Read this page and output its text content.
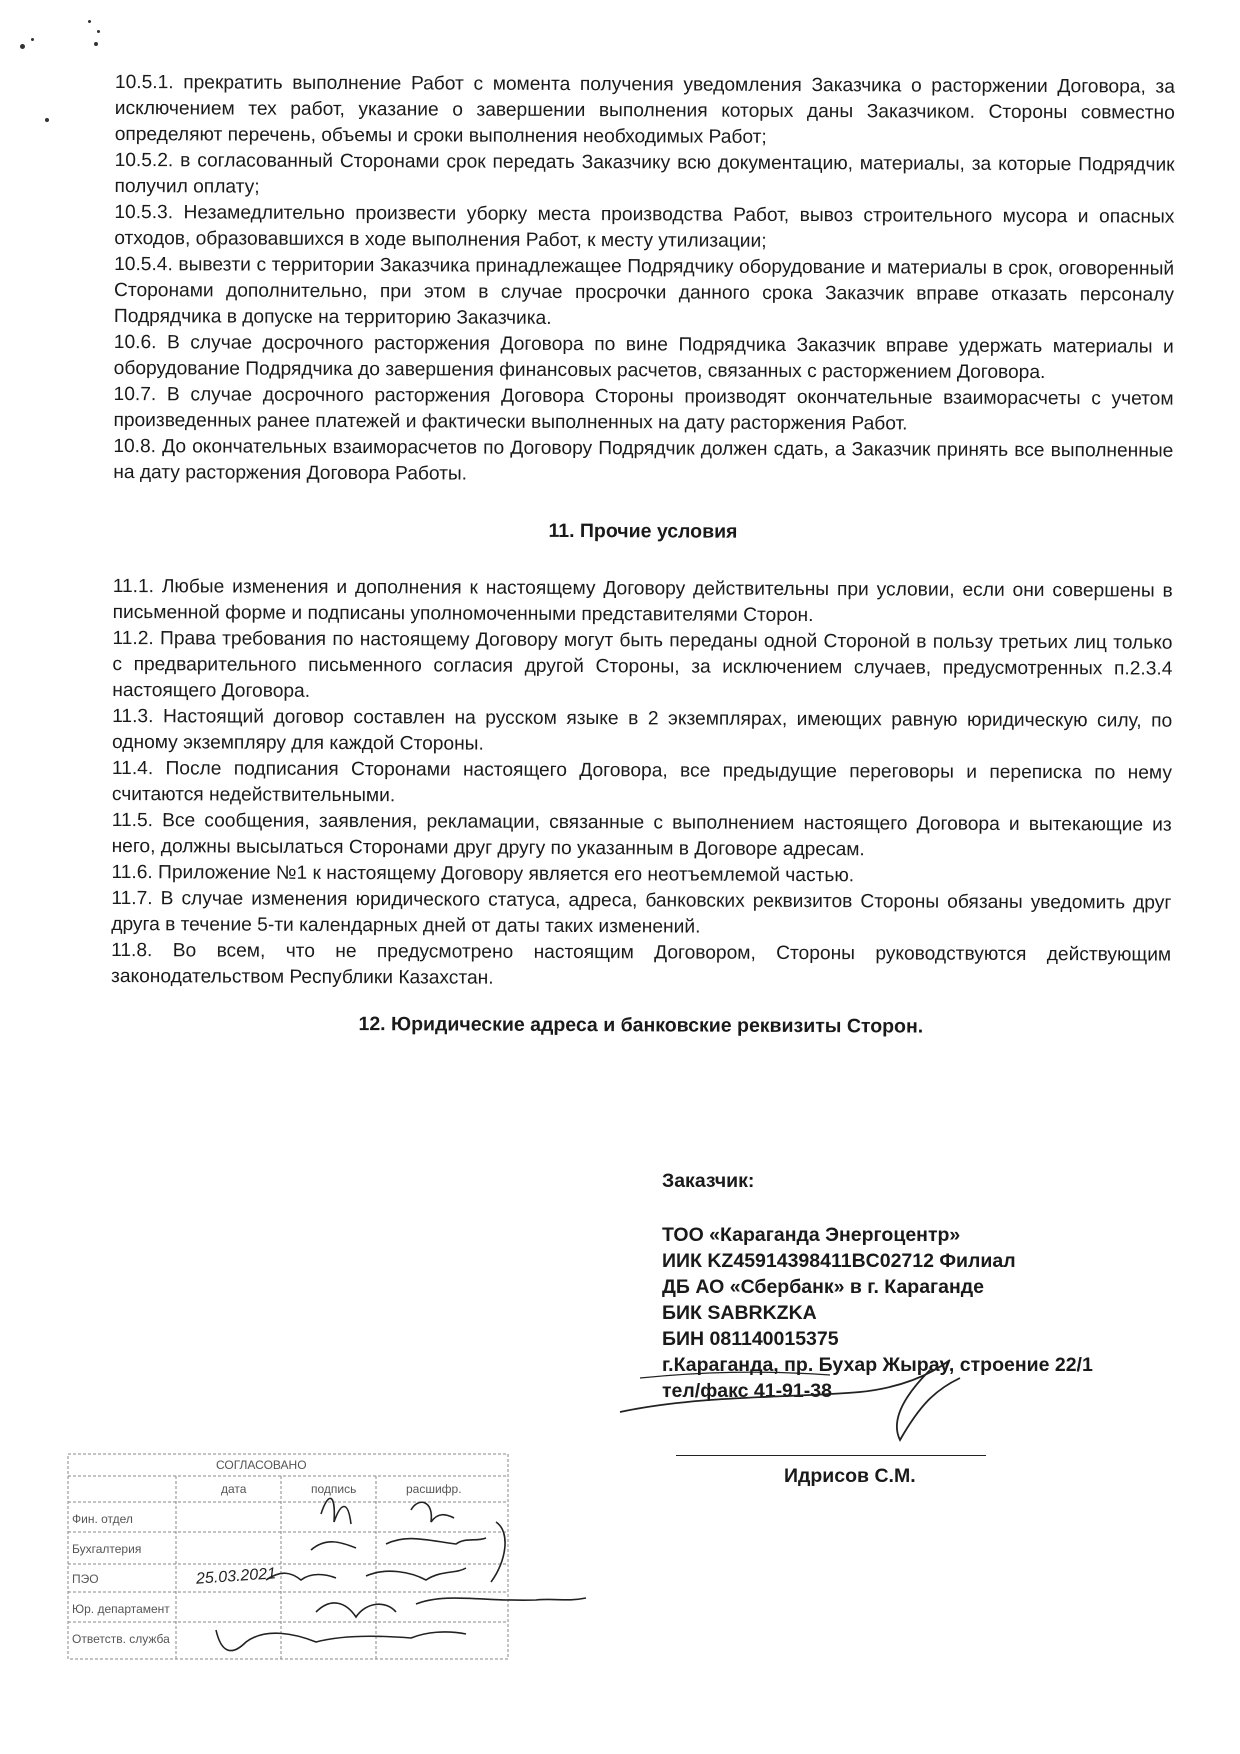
10.5.1. прекратить выполнение Работ с момента получения уведомления Заказчика о расторжении Договора, за исключением тех работ, указание о завершении выполнения которых даны Заказчиком. Стороны совместно определяют перечень, объемы и сроки выполнения необходимых Работ;

10.5.2. в согласованный Сторонами срок передать Заказчику всю документацию, материалы, за которые Подрядчик получил оплату;

10.5.3. Незамедлительно произвести уборку места производства Работ, вывоз строительного мусора и опасных отходов, образовавшихся в ходе выполнения Работ, к месту утилизации;

10.5.4. вывезти с территории Заказчика принадлежащее Подрядчику оборудование и материалы в срок, оговоренный Сторонами дополнительно, при этом в случае просрочки данного срока Заказчик вправе отказать персоналу Подрядчика в допуске на территорию Заказчика.

10.6. В случае досрочного расторжения Договора по вине Подрядчика Заказчик вправе удержать материалы и оборудование Подрядчика до завершения финансовых расчетов, связанных с расторжением Договора.

10.7. В случае досрочного расторжения Договора Стороны производят окончательные взаиморасчеты с учетом произведенных ранее платежей и фактически выполненных на дату расторжения Работ.

10.8. До окончательных взаиморасчетов по Договору Подрядчик должен сдать, а Заказчик принять все выполненные на дату расторжения Договора Работы.

11. Прочие условия

11.1. Любые изменения и дополнения к настоящему Договору действительны при условии, если они совершены в письменной форме и подписаны уполномоченными представителями Сторон.

11.2. Права требования по настоящему Договору могут быть переданы одной Стороной в пользу третьих лиц только с предварительного письменного согласия другой Стороны, за исключением случаев, предусмотренных п.2.3.4 настоящего Договора.

11.3. Настоящий договор составлен на русском языке в 2 экземплярах, имеющих равную юридическую силу, по одному экземпляру для каждой Стороны.

11.4. После подписания Сторонами настоящего Договора, все предыдущие переговоры и переписка по нему считаются недействительными.

11.5. Все сообщения, заявления, рекламации, связанные с выполнением настоящего Договора и вытекающие из него, должны высылаться Сторонами друг другу по указанным в Договоре адресам.

11.6. Приложение №1 к настоящему Договору является его неотъемлемой частью.

11.7. В случае изменения юридического статуса, адреса, банковских реквизитов Стороны обязаны уведомить друг друга в течение 5-ти календарных дней от даты таких изменений.

11.8. Во всем, что не предусмотрено настоящим Договором, Стороны руководствуются действующим законодательством Республики Казахстан.

12. Юридические адреса и банковские реквизиты Сторон.

Заказчик:
ТОО «Караганда Энергоцентр»
ИИК KZ45914398411BC02712 Филиал
ДБ АО «Сбербанк» в г. Караганде
БИК SABRKZKA
БИН 081140015375
г.Караганда, пр. Бухар Жырау, строение 22/1
тел/факс 41-91-38
Идрисов С.М.
СОГЛАСОВАНО
дата	подпись	расшифр.
Фин. отдел
Бухгалтерия
ПЭО
Юр. департамент
Ответств. служба
25.03.2021
